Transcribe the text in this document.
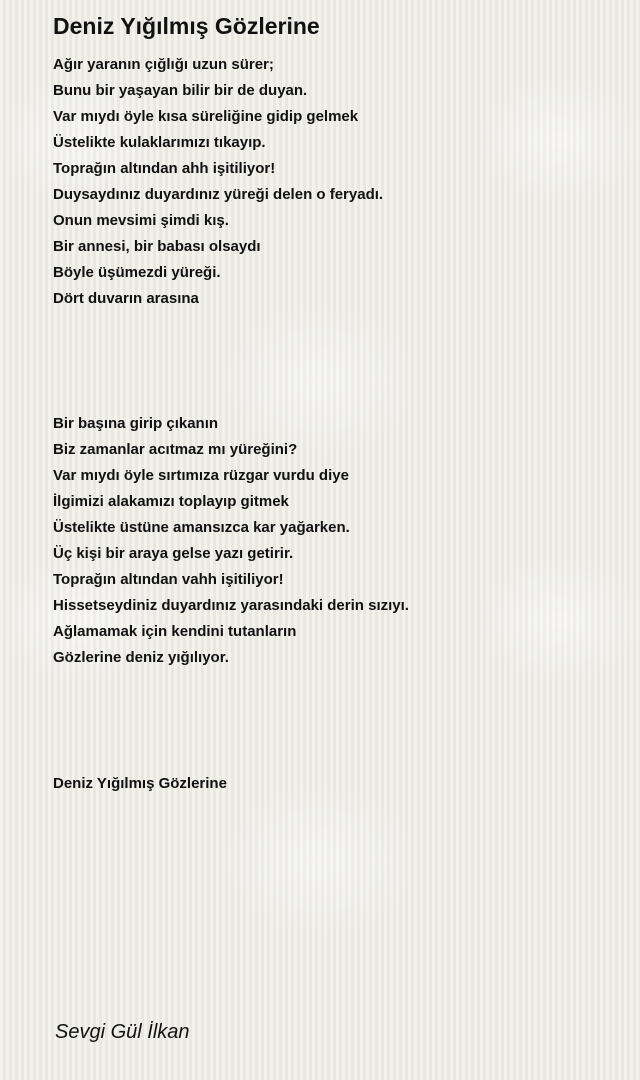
Deniz Yığılmış Gözlerine
Ağır yaranın çığlığı uzun sürer;
Bunu bir yaşayan bilir bir de duyan.
Var mıydı öyle kısa süreliğine gidip gelmek
Üstelikte kulaklarımızı tıkayıp.
Toprağın altından ahh işitiliyor!
Duysaydınız duyardınız yüreği delen o feryadı.
Onun mevsimi şimdi kış.
Bir annesi, bir babası olsaydı
Böyle üşümezdi yüreği.
Dört duvarın arasına
Bir başına girip çıkanın
Biz zamanlar acıtmaz mı yüreğini?
Var mıydı öyle sırtımıza rüzgar vurdu diye
İlgimizi alakamızı toplayıp gitmek
Üstelikte üstüne amansızca kar yağarken.
Üç kişi bir araya gelse yazı getirir.
Toprağın altından vahh işitiliyor!
Hissetseydiniz duyardınız yarasındaki derin sızıyı.
Ağlamamak için kendini tutanların
Gözlerine deniz yığılıyor.
Deniz Yığılmış Gözlerine
Sevgi Gül İlkan
